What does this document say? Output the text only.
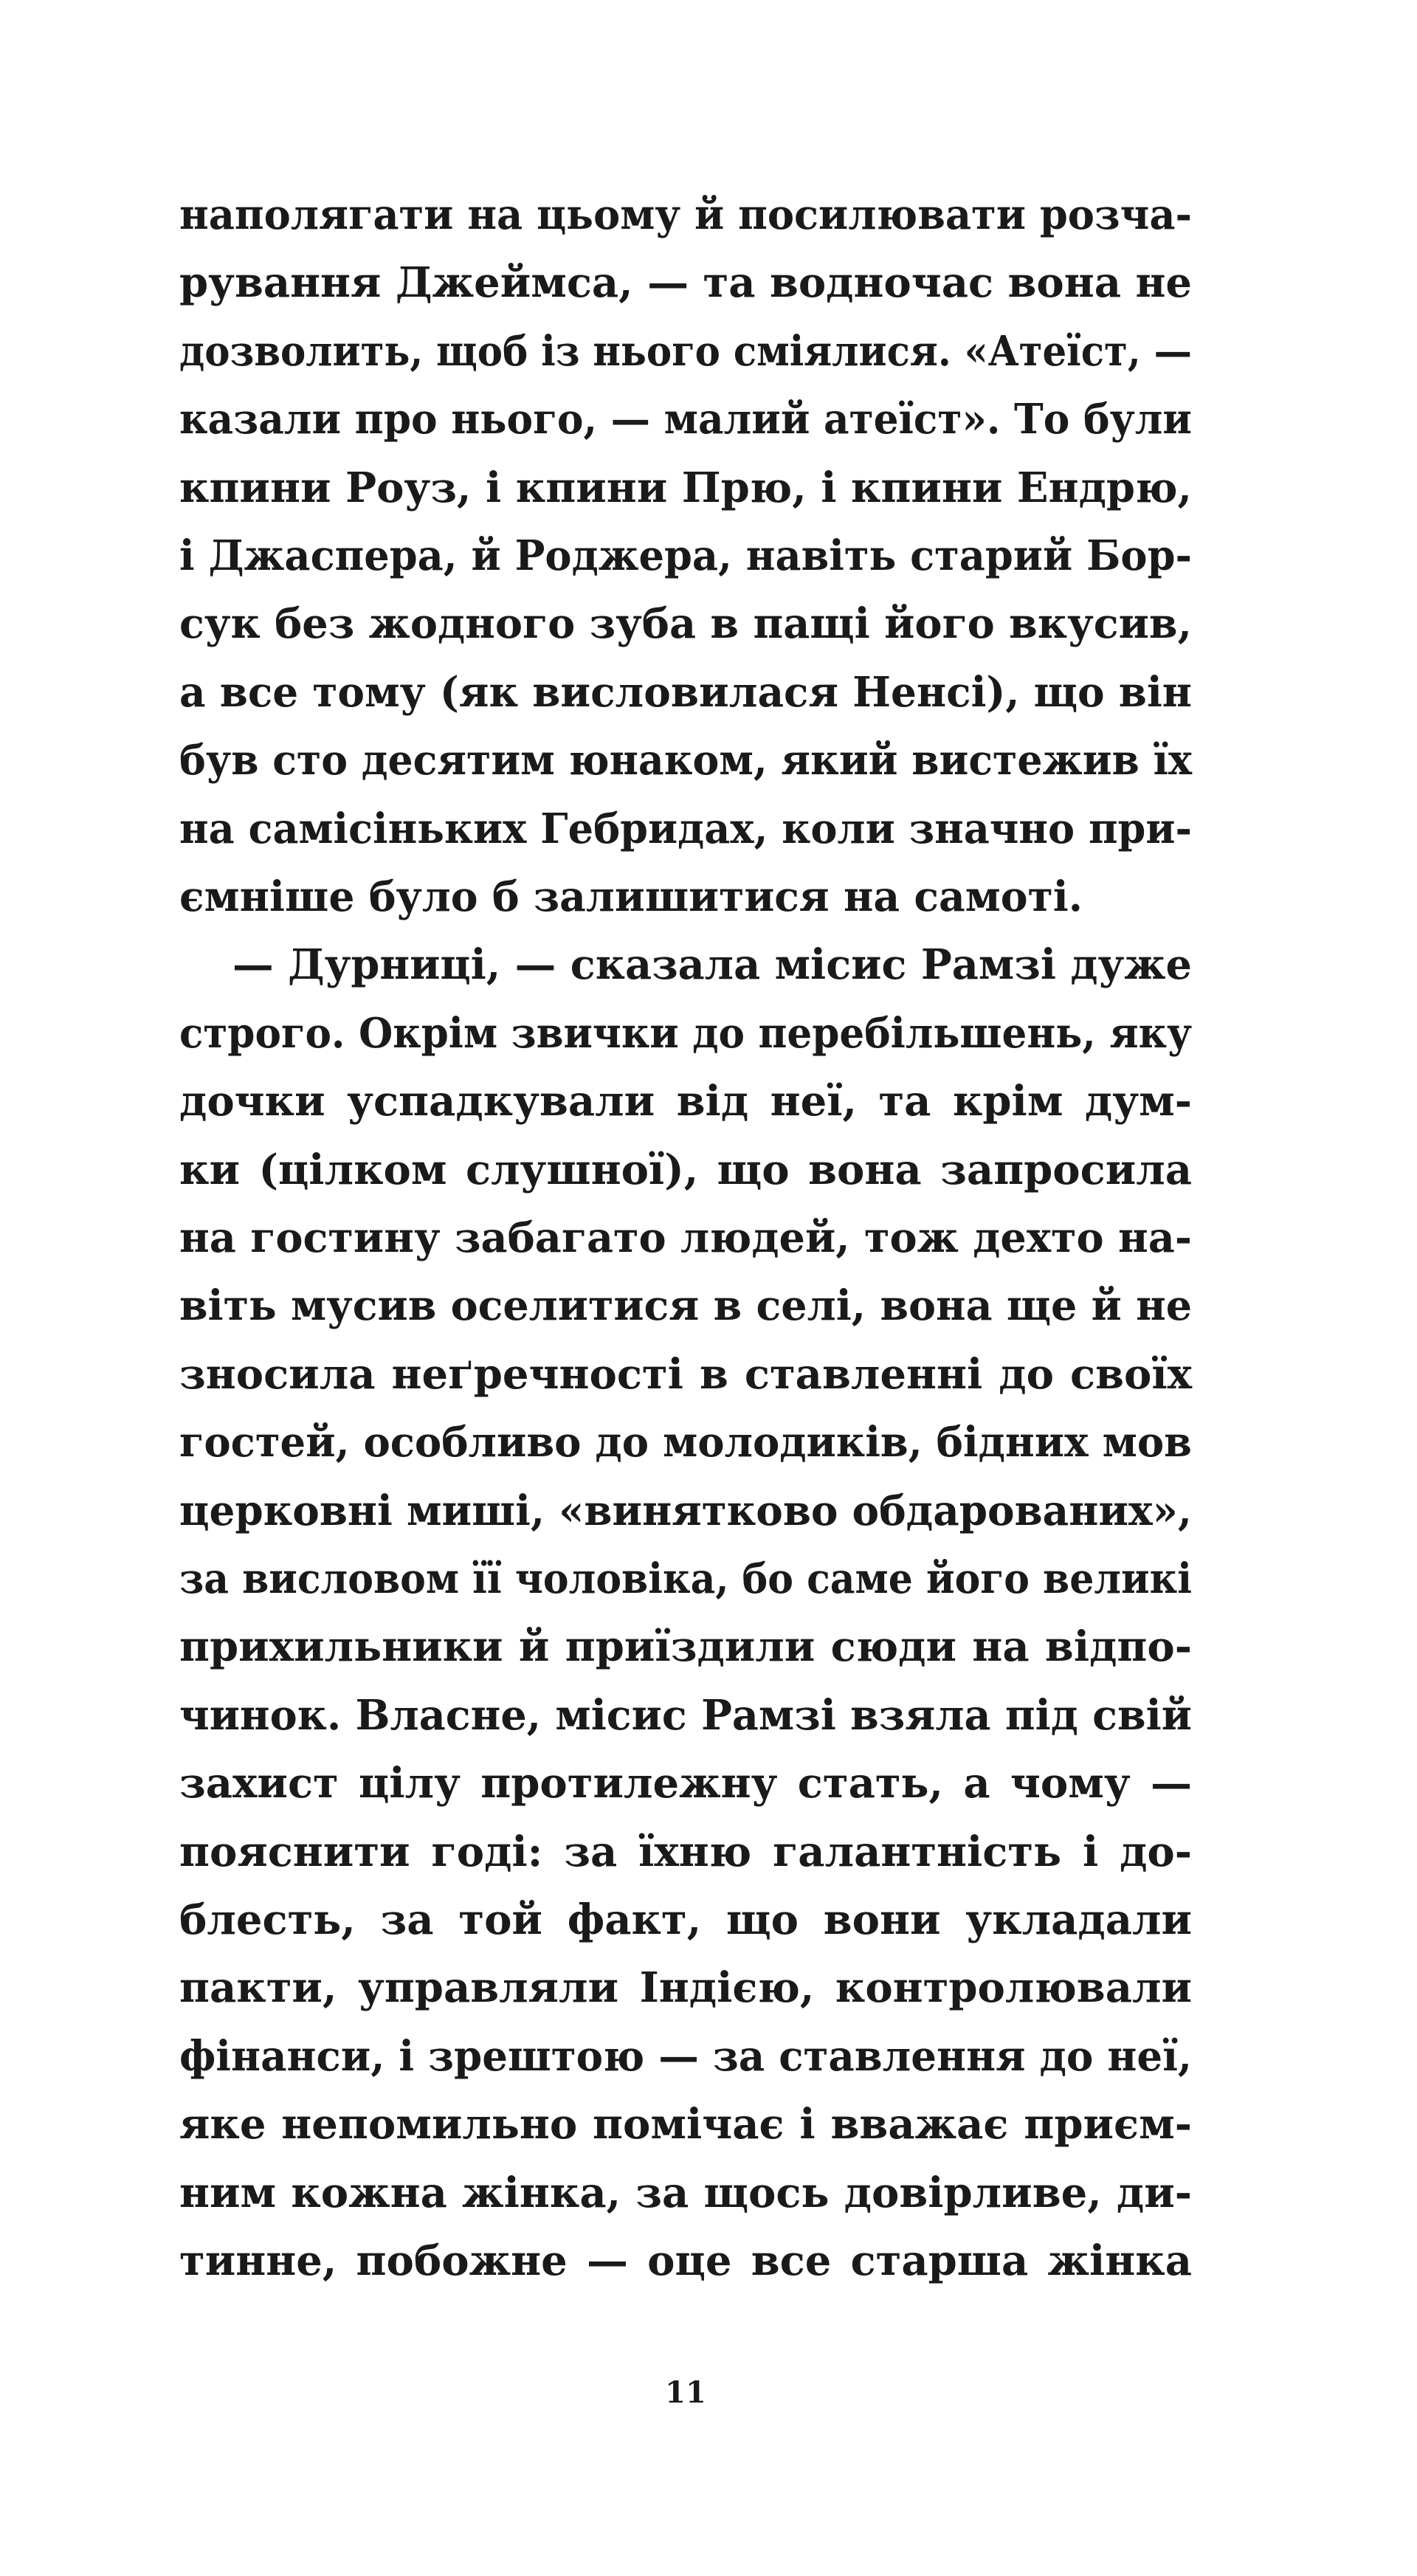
наполягати на цьому й посилювати розча-
рування Джеймса, — та водночас вона не
дозволить, щоб із нього сміялися. «Атеїст, —
казали про нього, — малий атеїст». То були
кпини Роуз, і кпини Прю, і кпини Ендрю,
і Джаспера, й Роджера, навіть старий Бор-
сук без жодного зуба в пащі його вкусив,
а все тому (як висловилася Ненсі), що він
був сто десятим юнаком, який вистежив їх
на самісіньких Гебридах, коли значно при-
ємніше було б залишитися на самоті.
— Дурниці, — сказала місис Рамзі дуже
строго. Окрім звички до перебільшень, яку
дочки успадкували від неї, та крім дум-
ки (цілком слушної), що вона запросила
на гостину забагато людей, тож дехто на-
віть мусив оселитися в селі, вона ще й не
зносила неґречності в ставленні до своїх
гостей, особливо до молодиків, бідних мов
церковні миші, «винятково обдарованих»,
за висловом її чоловіка, бо саме його великі
прихильники й приїздили сюди на відпо-
чинок. Власне, місис Рамзі взяла під свій
захист цілу протилежну стать, а чому —
пояснити годі: за їхню галантність і до-
блесть, за той факт, що вони укладали
пакти, управляли Індією, контролювали
фінанси, і зрештою — за ставлення до неї,
яке непомильно помічає і вважає приєм-
ним кожна жінка, за щось довірливе, ди-
тинне, побожне — оце все старша жінка
11
